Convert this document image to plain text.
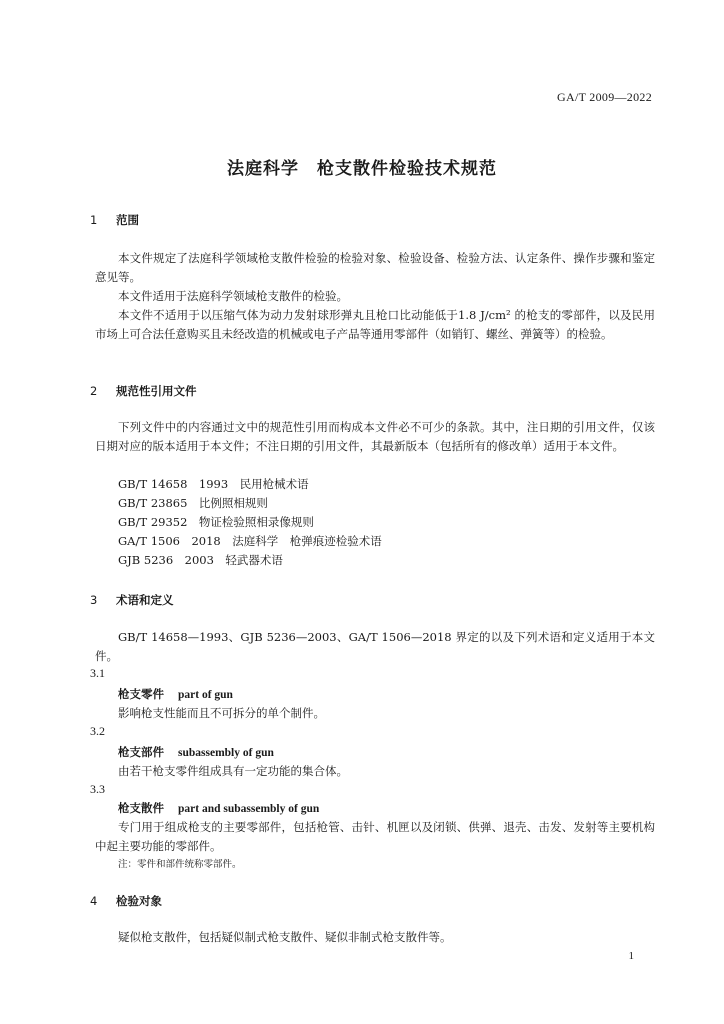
GA/T 2009—2022
法庭科学　枪支散件检验技术规范
1 范围

本文件规定了法庭科学领域枪支散件检验的检验对象、检验设备、检验方法、认定条件、操作步骤和鉴定意见等。

本文件适用于法庭科学领域枪支散件的检验。

本文件不适用于以压缩气体为动力发射球形弹丸且枪口比动能低于1.8 J/cm² 的枪支的零部件，以及民用市场上可合法任意购买且未经改造的机械或电子产品等通用零部件（如销钉、螺丝、弹簧等）的检验。

2 规范性引用文件

下列文件中的内容通过文中的规范性引用而构成本文件必不可少的条款。其中，注日期的引用文件，仅该日期对应的版本适用于本文件；不注日期的引用文件，其最新版本（包括所有的修改单）适用于本文件。

GB/T 14658　1993　民用枪械术语
GB/T 23865　比例照相规则
GB/T 29352　物证检验照相录像规则
GA/T 1506　2018　法庭科学　枪弹痕迹检验术语
GJB 5236　2003　轻武器术语
3 术语和定义

GB/T 14658—1993、GJB 5236—2003、GA/T 1506—2018 界定的以及下列术语和定义适用于本文件。

3.1
枪支零件 part of gun
影响枪支性能而且不可拆分的单个制件。
3.2
枪支部件 subassembly of gun
由若干枪支零件组成具有一定功能的集合体。
3.3
枪支散件 part and subassembly of gun

专门用于组成枪支的主要零部件，包括枪管、击针、机匣以及闭锁、供弹、退壳、击发、发射等主要机构中起主要功能的零部件。

注：零件和部件统称零部件。
4 检验对象

疑似枪支散件，包括疑似制式枪支散件、疑似非制式枪支散件等。

1
